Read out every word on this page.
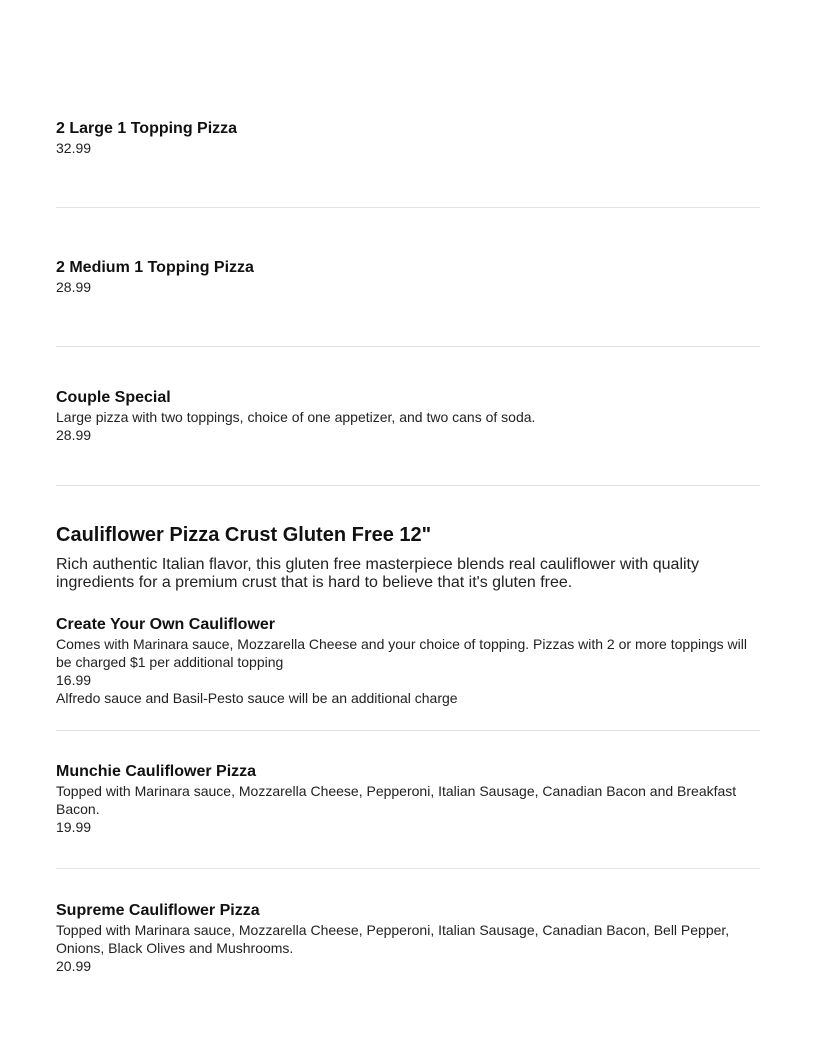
2 Large 1 Topping Pizza

32.99

2 Medium 1 Topping Pizza

28.99

Couple Special

Large pizza with two toppings, choice of one appetizer, and two cans of soda.

28.99

Cauliflower Pizza Crust Gluten Free 12"

Rich authentic Italian flavor, this gluten free masterpiece blends real cauliflower with quality ingredients for a premium crust that is hard to believe that it's gluten free.

Create Your Own Cauliflower

Comes with Marinara sauce, Mozzarella Cheese and your choice of topping. Pizzas with 2 or more toppings will be charged $1 per additional topping

16.99

Alfredo sauce and Basil-Pesto sauce will be an additional charge

Munchie Cauliflower Pizza

Topped with Marinara sauce, Mozzarella Cheese, Pepperoni, Italian Sausage, Canadian Bacon and Breakfast Bacon.

19.99

Supreme Cauliflower Pizza

Topped with Marinara sauce, Mozzarella Cheese, Pepperoni, Italian Sausage, Canadian Bacon, Bell Pepper, Onions, Black Olives and Mushrooms.

20.99
